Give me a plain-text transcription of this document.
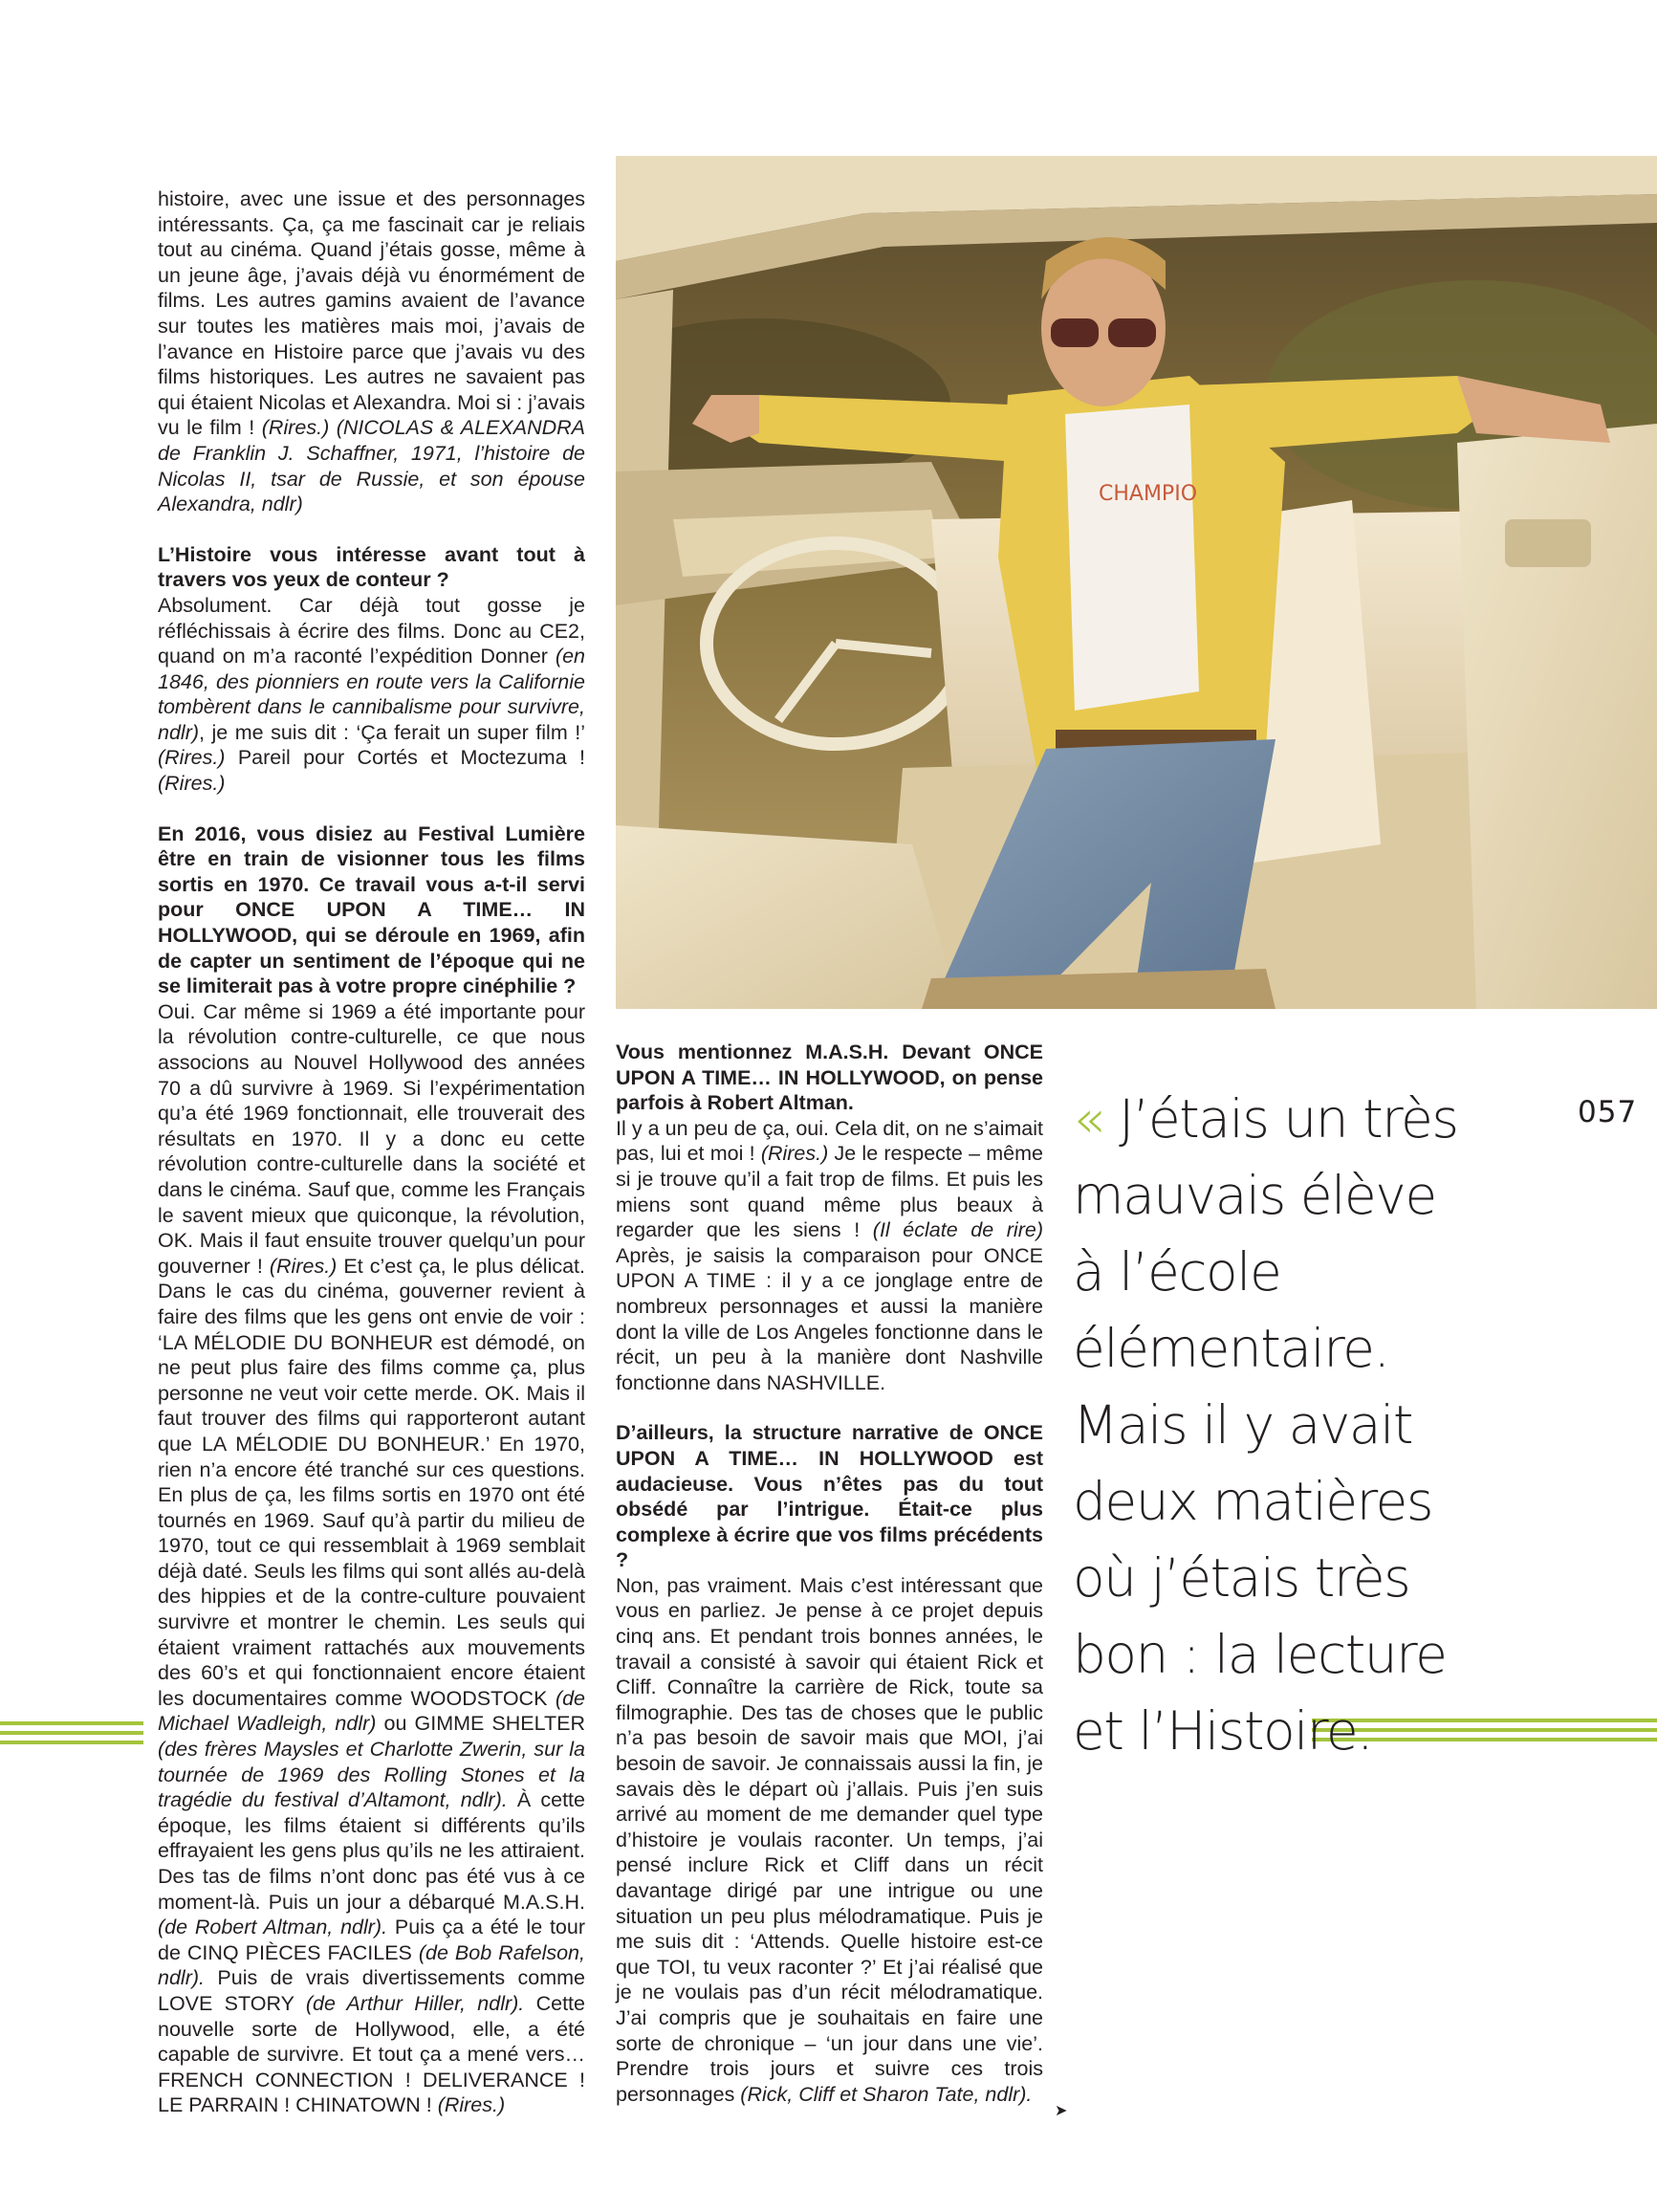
histoire, avec une issue et des personnages intéressants. Ça, ça me fascinait car je reliais tout au cinéma. Quand j’étais gosse, même à un jeune âge, j’avais déjà vu énormément de films. Les autres gamins avaient de l’avance sur toutes les matières mais moi, j’avais de l’avance en Histoire parce que j’avais vu des films historiques. Les autres ne savaient pas qui étaient Nicolas et Alexandra. Moi si : j’avais vu le film ! (Rires.) (NICOLAS & ALEXANDRA de Franklin J. Schaffner, 1971, l’histoire de Nicolas II, tsar de Russie, et son épouse Alexandra, ndlr)

L’Histoire vous intéresse avant tout à travers vos yeux de conteur ?
Absolument. Car déjà tout gosse je réfléchissais à écrire des films. Donc au CE2, quand on m’a raconté l’expédition Donner (en 1846, des pionniers en route vers la Californie tombèrent dans le cannibalisme pour survivre, ndlr), je me suis dit : ‘Ça ferait un super film !’ (Rires.) Pareil pour Cortés et Moctezuma ! (Rires.)

En 2016, vous disiez au Festival Lumière être en train de visionner tous les films sortis en 1970. Ce travail vous a-t-il servi pour ONCE UPON A TIME… IN HOLLYWOOD, qui se déroule en 1969, afin de capter un sentiment de l’époque qui ne se limiterait pas à votre propre cinéphilie ?
Oui. Car même si 1969 a été importante pour la révolution contre-culturelle, ce que nous associons au Nouvel Hollywood des années 70 a dû survivre à 1969. Si l’expérimentation qu’a été 1969 fonctionnait, elle trouverait des résultats en 1970. Il y a donc eu cette révolution contre-culturelle dans la société et dans le cinéma. Sauf que, comme les Français le savent mieux que quiconque, la révolution, OK. Mais il faut ensuite trouver quelqu’un pour gouverner ! (Rires.) Et c’est ça, le plus délicat. Dans le cas du cinéma, gouverner revient à faire des films que les gens ont envie de voir : ‘LA MÉLODIE DU BONHEUR est démodé, on ne peut plus faire des films comme ça, plus personne ne veut voir cette merde. OK. Mais il faut trouver des films qui rapporteront autant que LA MÉLODIE DU BONHEUR.’ En 1970, rien n’a encore été tranché sur ces questions. En plus de ça, les films sortis en 1970 ont été tournés en 1969. Sauf qu’à partir du milieu de 1970, tout ce qui ressemblait à 1969 semblait déjà daté. Seuls les films qui sont allés au-delà des hippies et de la contre-culture pouvaient survivre et montrer le chemin. Les seuls qui étaient vraiment rattachés aux mouvements des 60’s et qui fonctionnaient encore étaient les documentaires comme WOODSTOCK (de Michael Wadleigh, ndlr) ou GIMME SHELTER (des frères Maysles et Charlotte Zwerin, sur la tournée de 1969 des Rolling Stones et la tragédie du festival d’Altamont, ndlr). À cette époque, les films étaient si différents qu’ils effrayaient les gens plus qu’ils ne les attiraient. Des tas de films n’ont donc pas été vus à ce moment-là. Puis un jour a débarqué M.A.S.H. (de Robert Altman, ndlr). Puis ça a été le tour de CINQ PIÈCES FACILES (de Bob Rafelson, ndlr). Puis de vrais divertissements comme LOVE STORY (de Arthur Hiller, ndlr). Cette nouvelle sorte de Hollywood, elle, a été capable de survivre. Et tout ça a mené vers… FRENCH CONNECTION ! DELIVERANCE ! LE PARRAIN ! CHINATOWN ! (Rires.)

CHAMPIO

Vous mentionnez M.A.S.H. Devant ONCE UPON A TIME… IN HOLLYWOOD, on pense parfois à Robert Altman.
Il y a un peu de ça, oui. Cela dit, on ne s’aimait pas, lui et moi ! (Rires.) Je le respecte – même si je trouve qu’il a fait trop de films. Et puis les miens sont quand même plus beaux à regarder que les siens ! (Il éclate de rire) Après, je saisis la comparaison pour ONCE UPON A TIME : il y a ce jonglage entre de nombreux personnages et aussi la manière dont la ville de Los Angeles fonctionne dans le récit, un peu à la manière dont Nashville fonctionne dans NASHVILLE.

D’ailleurs, la structure narrative de ONCE UPON A TIME… IN HOLLYWOOD est audacieuse. Vous n’êtes pas du tout obsédé par l’intrigue. Était-ce plus complexe à écrire que vos films précédents ?
Non, pas vraiment. Mais c’est intéressant que vous en parliez. Je pense à ce projet depuis cinq ans. Et pendant trois bonnes années, le travail a consisté à savoir qui étaient Rick et Cliff. Connaître la carrière de Rick, toute sa filmographie. Des tas de choses que le public n’a pas besoin de savoir mais que MOI, j’ai besoin de savoir. Je connaissais aussi la fin, je savais dès le départ où j’allais. Puis j’en suis arrivé au moment de me demander quel type d’histoire je voulais raconter. Un temps, j’ai pensé inclure Rick et Cliff dans un récit davantage dirigé par une intrigue ou une situation un peu plus mélodramatique. Puis je me suis dit : ‘Attends. Quelle histoire est-ce que TOI, tu veux raconter ?’ Et j’ai réalisé que je ne voulais pas d’un récit mélodramatique. J’ai compris que je souhaitais en faire une sorte de chronique – ‘un jour dans une vie’. Prendre trois jours et suivre ces trois personnages (Rick, Cliff et Sharon Tate, ndlr).

« J’étais un très
mauvais élève
à l’école
élémentaire.
Mais il y avait
deux matières
où j’étais très
bon : la lecture
et l’Histoire.
057
➤
